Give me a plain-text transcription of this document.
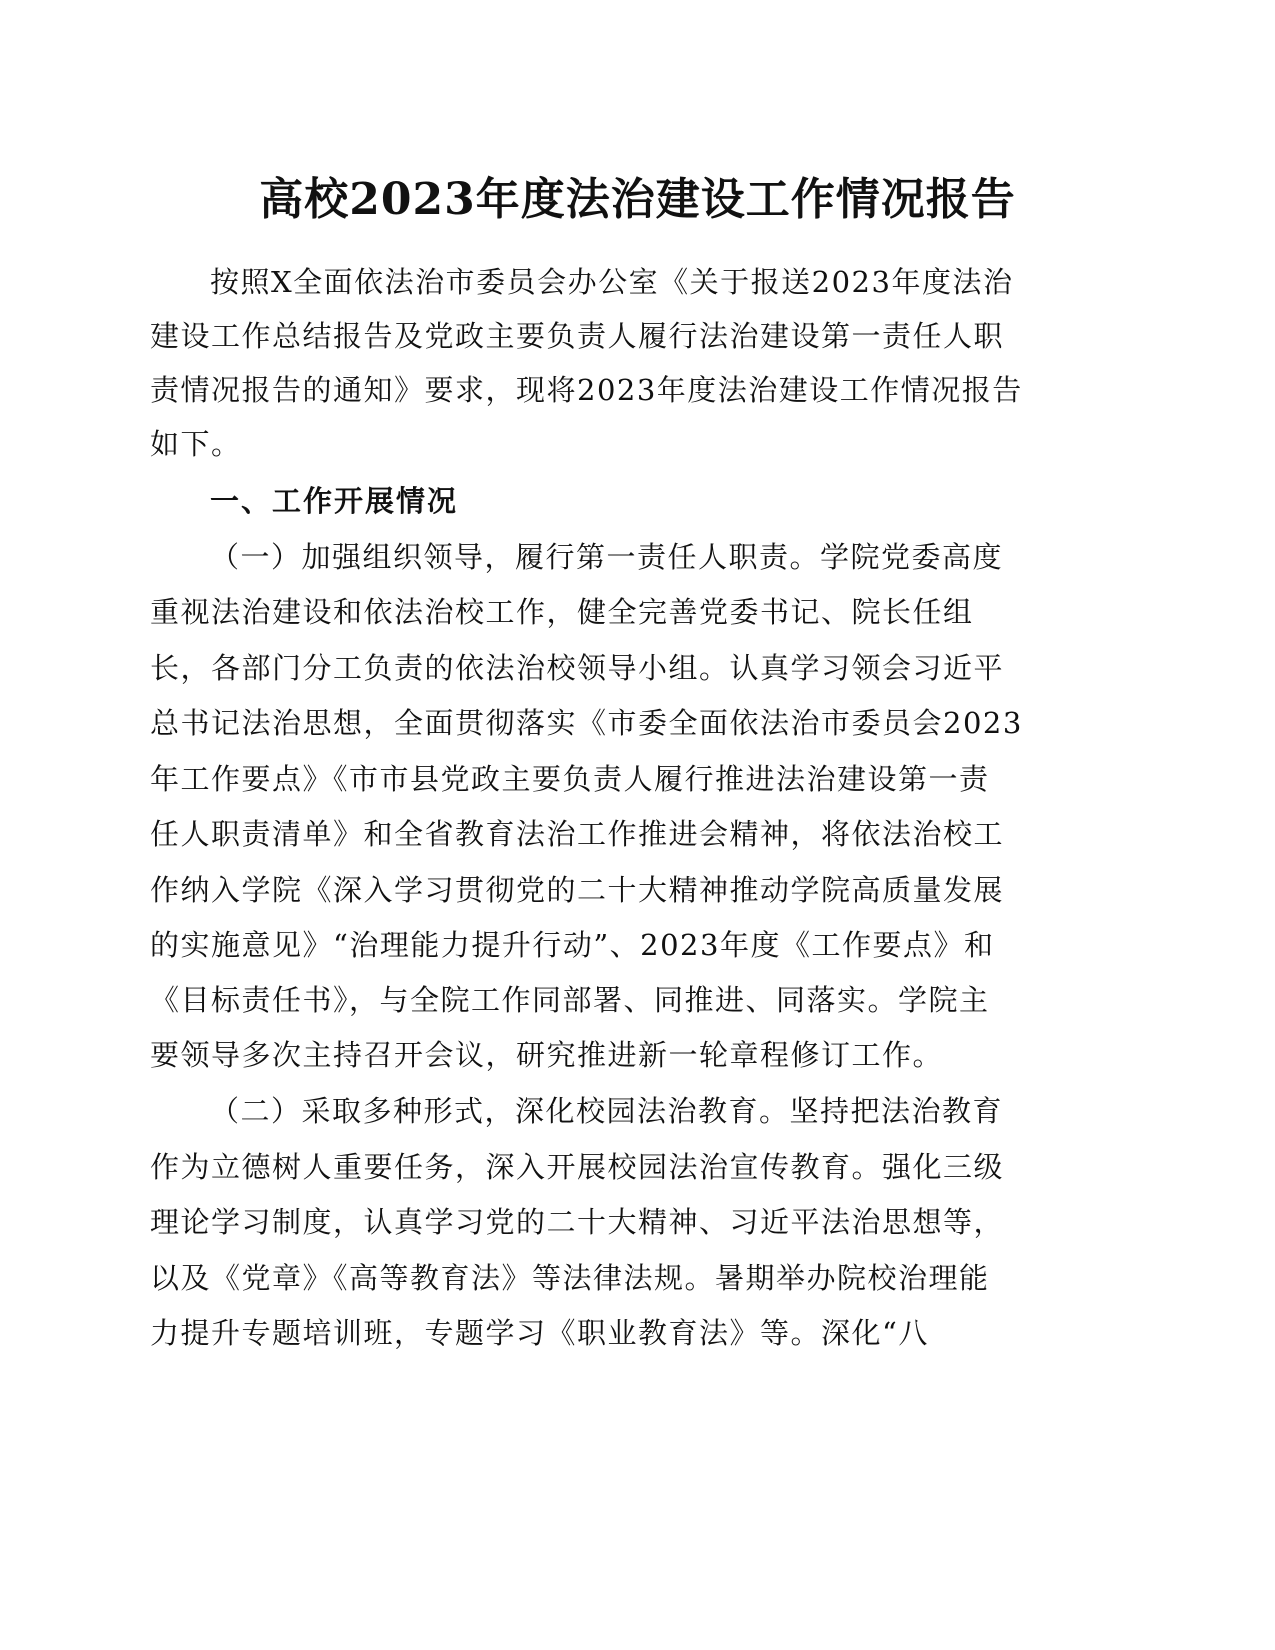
高校2023年度法治建设工作情况报告

按照X全面依法治市委员会办公室《关于报送2023年度法治

建设工作总结报告及党政主要负责人履行法治建设第一责任人职

责情况报告的通知》要求，现将2023年度法治建设工作情况报告

如下。

一、工作开展情况

（一）加强组织领导，履行第一责任人职责。学院党委高度

重视法治建设和依法治校工作，健全完善党委书记、院长任组

长，各部门分工负责的依法治校领导小组。认真学习领会习近平

总书记法治思想，全面贯彻落实《市委全面依法治市委员会2023

年工作要点》《市市县党政主要负责人履行推进法治建设第一责

任人职责清单》和全省教育法治工作推进会精神，将依法治校工

作纳入学院《深入学习贯彻党的二十大精神推动学院高质量发展

的实施意见》“治理能力提升行动”、2023年度《工作要点》和

《目标责任书》，与全院工作同部署、同推进、同落实。学院主

要领导多次主持召开会议，研究推进新一轮章程修订工作。

（二）采取多种形式，深化校园法治教育。坚持把法治教育

作为立德树人重要任务，深入开展校园法治宣传教育。强化三级

理论学习制度，认真学习党的二十大精神、习近平法治思想等，

以及《党章》《高等教育法》等法律法规。暑期举办院校治理能

力提升专题培训班，专题学习《职业教育法》等。深化“八
